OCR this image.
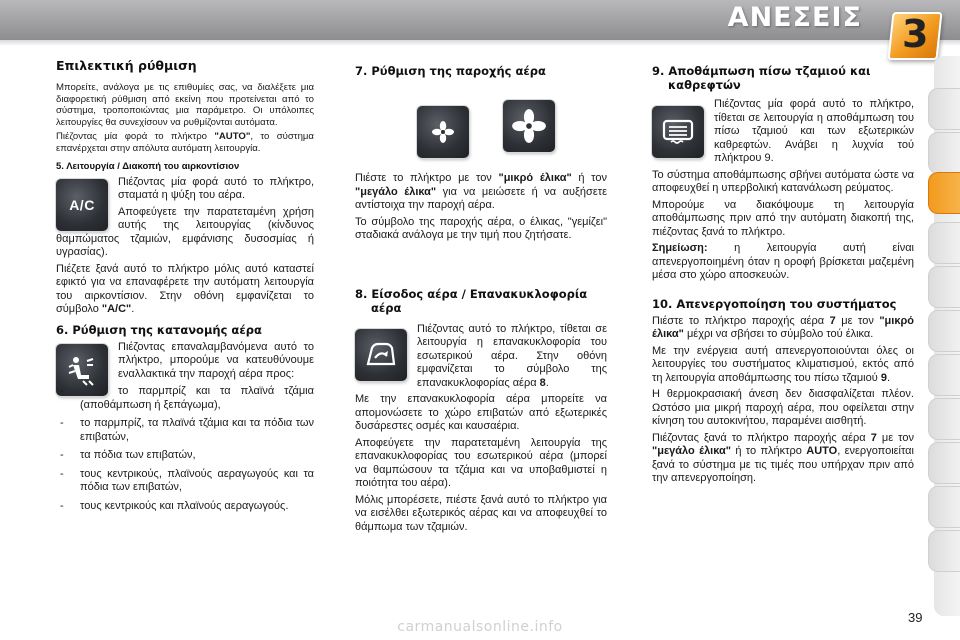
ΑΝΕΣΕΙΣ 3
Επιλεκτική ρύθμιση

Μπορείτε, ανάλογα με τις επιθυμίες σας, να διαλέξετε μια διαφορετική ρύθμιση από εκείνη που προτείνεται από το σύστημα, τροποποιώντας μια παράμετρο. Οι υπόλοιπες λειτουργίες θα συνεχίσουν να ρυθμίζονται αυτόματα.

Πιέζοντας μία φορά το πλήκτρο "AUTO", το σύστημα επανέρχεται στην απόλυτα αυτόματη λειτουργία.

5. Λειτουργία / Διακοπή του αιρκοντίσιον
A/C

Πιέζοντας μία φορά αυτό το πλήκτρο, σταματά η ψύξη του αέρα.

Αποφεύγετε την παρατεταμένη χρήση αυτής της λειτουργίας (κίνδυνος θαμπώματος τζαμιών, εμφάνισης δυσοσμίας ή υγρασίας).

Πιέζετε ξανά αυτό το πλήκτρο μόλις αυτό καταστεί εφικτό για να επαναφέρετε την αυτόματη λειτουργία του αιρκοντίσιον. Στην οθόνη εμφανίζεται το σύμβολο "A/C".

6. Ρύθμιση της κατανομής αέρα

Πιέζοντας επαναλαμβανόμενα αυτό το πλήκτρο, μπορούμε να κατευθύνουμε εναλλακτικά την παροχή αέρα προς:

- το παρμπρίζ και τα πλαϊνά τζάμια (αποθάμπωση ή ξεπάγωμα),
- το παρμπρίζ, τα πλαϊνά τζάμια και τα πόδια των επιβατών,
- τα πόδια των επιβατών,
- τους κεντρικούς, πλαϊνούς αεραγωγούς και τα πόδια των επιβατών,
- τους κεντρικούς και πλαϊνούς αεραγωγούς.
7. Ρύθμιση της παροχής αέρα

Πιέστε το πλήκτρο με τον "μικρό έλικα" ή τον "μεγάλο έλικα" για να μειώσετε ή να αυξήσετε αντίστοιχα την παροχή αέρα.

Το σύμβολο της παροχής αέρα, ο έλικας, "γεμίζει" σταδιακά ανάλογα με την τιμή που ζητήσατε.

8. Είσοδος αέρα / Επανακυκλοφορία αέρα

Πιέζοντας αυτό το πλήκτρο, τίθεται σε λειτουργία η επανακυκλοφορία του εσωτερικού αέρα. Στην οθόνη εμφανίζεται το σύμβολο της επανακυκλοφορίας αέρα 8.

Με την επανακυκλοφορία αέρα μπορείτε να απομονώσετε το χώρο επιβατών από εξωτερικές δυσάρεστες οσμές και καυσαέρια.

Αποφεύγετε την παρατεταμένη λειτουργία της επανακυκλοφορίας του εσωτερικού αέρα (μπορεί να θαμπώσουν τα τζάμια και να υποβαθμιστεί η ποιότητα του αέρα).

Μόλις μπορέσετε, πιέστε ξανά αυτό το πλήκτρο για να εισέλθει εξωτερικός αέρας και να αποφευχθεί το θάμπωμα των τζαμιών.

9. Αποθάμπωση πίσω τζαμιού και καθρεφτών

Πιέζοντας μία φορά αυτό το πλήκτρο, τίθεται σε λειτουργία η αποθάμπωση του πίσω τζαμιού και των εξωτερικών καθρεφτών. Ανάβει η λυχνία τού πλήκτρου 9.

Το σύστημα αποθάμπωσης σβήνει αυτόματα ώστε να αποφευχθεί η υπερβολική κατανάλωση ρεύματος.

Μπορούμε να διακόψουμε τη λειτουργία αποθάμπωσης πριν από την αυτόματη διακοπή της, πιέζοντας ξανά το πλήκτρο.

Σημείωση: η λειτουργία αυτή είναι απενεργοποιημένη όταν η οροφή βρίσκεται μαζεμένη μέσα στο χώρο αποσκευών.

10. Απενεργοποίηση του συστήματος

Πιέστε το πλήκτρο παροχής αέρα 7 με τον "μικρό έλικα" μέχρι να σβήσει το σύμβολο τού έλικα.

Με την ενέργεια αυτή απενεργοποιούνται όλες οι λειτουργίες του συστήματος κλιματισμού, εκτός από τη λειτουργία αποθάμπωσης του πίσω τζαμιού 9.

Η θερμοκρασιακή άνεση δεν διασφαλίζεται πλέον. Ωστόσο μια μικρή παροχή αέρα, που οφείλεται στην κίνηση του αυτοκινήτου, παραμένει αισθητή.

Πιέζοντας ξανά το πλήκτρο παροχής αέρα 7 με τον "μεγάλο έλικα" ή το πλήκτρο AUTO, ενεργοποιείται ξανά το σύστημα με τις τιμές που υπήρχαν πριν από την απενεργοποίηση.

39
carmanualsonline.info
